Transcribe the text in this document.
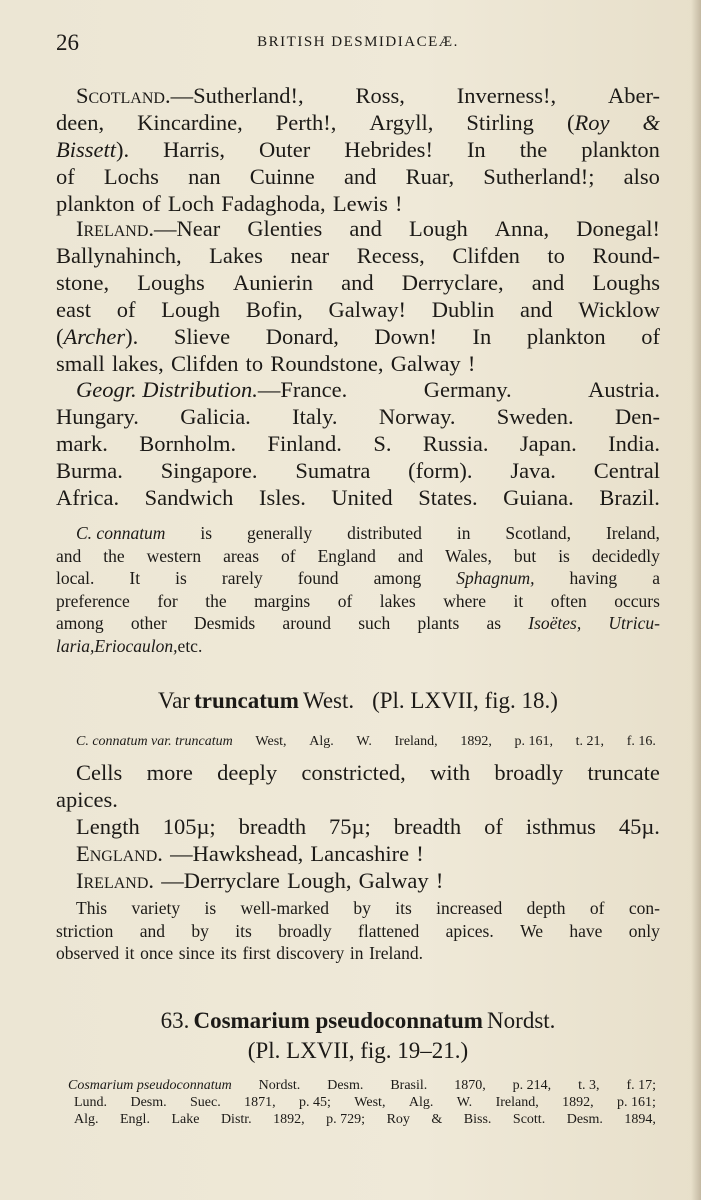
26	BRITISH DESMIDIACEÆ.

Scotland.—Sutherland!, Ross, Inverness!, Aber-

deen, Kincardine, Perth!, Argyll, Stirling (Roy &

Bissett). Harris, Outer Hebrides! In the plankton

of Lochs nan Cuinne and Ruar, Sutherland!; also

plankton of Loch Fadaghoda, Lewis !

Ireland.—Near Glenties and Lough Anna, Donegal!

Ballynahinch, Lakes near Recess, Clifden to Round-

stone, Loughs Aunierin and Derryclare, and Loughs

east of Lough Bofin, Galway! Dublin and Wicklow

(Archer). Slieve Donard, Down! In plankton of

small lakes, Clifden to Roundstone, Galway !

Geogr. Distribution.—France.	Germany.	Austria.

Hungary. Galicia. Italy. Norway. Sweden. Den-

mark. Bornholm. Finland. S. Russia. Japan. India.

Burma. Singapore. Sumatra (form). Java. Central

Africa. Sandwich Isles. United States. Guiana. Brazil.

C. connatum is generally distributed in Scotland, Ireland,

and the western areas of England and Wales, but is decidedly

local. It is rarely found among Sphagnum, having a

preference for the margins of lakes where it often occurs

among other Desmids around such plants as Isoëtes, Utricu-

laria, Eriocaulon, etc.

Var truncatum West. (Pl. LXVII, fig. 18.)

C. connatum var. truncatum West, Alg. W. Ireland, 1892, p. 161, t. 21, f. 16.

Cells more deeply constricted, with broadly truncate

apices.

Length 105µ; breadth 75µ; breadth of isthmus 45µ.

England. —Hawkshead, Lancashire !

Ireland. —Derryclare Lough, Galway !

This variety is well-marked by its increased depth of con-

striction and by its broadly flattened apices. We have only

observed it once since its first discovery in Ireland.

63. Cosmarium pseudoconnatum Nordst.

(Pl. LXVII, fig. 19–21.)

Cosmarium pseudoconnatum Nordst. Desm. Brasil. 1870, p. 214, t. 3, f. 17;

Lund. Desm. Suec. 1871, p. 45; West, Alg. W. Ireland, 1892, p. 161;

Alg. Engl. Lake Distr. 1892, p. 729; Roy & Biss. Scott. Desm. 1894,
